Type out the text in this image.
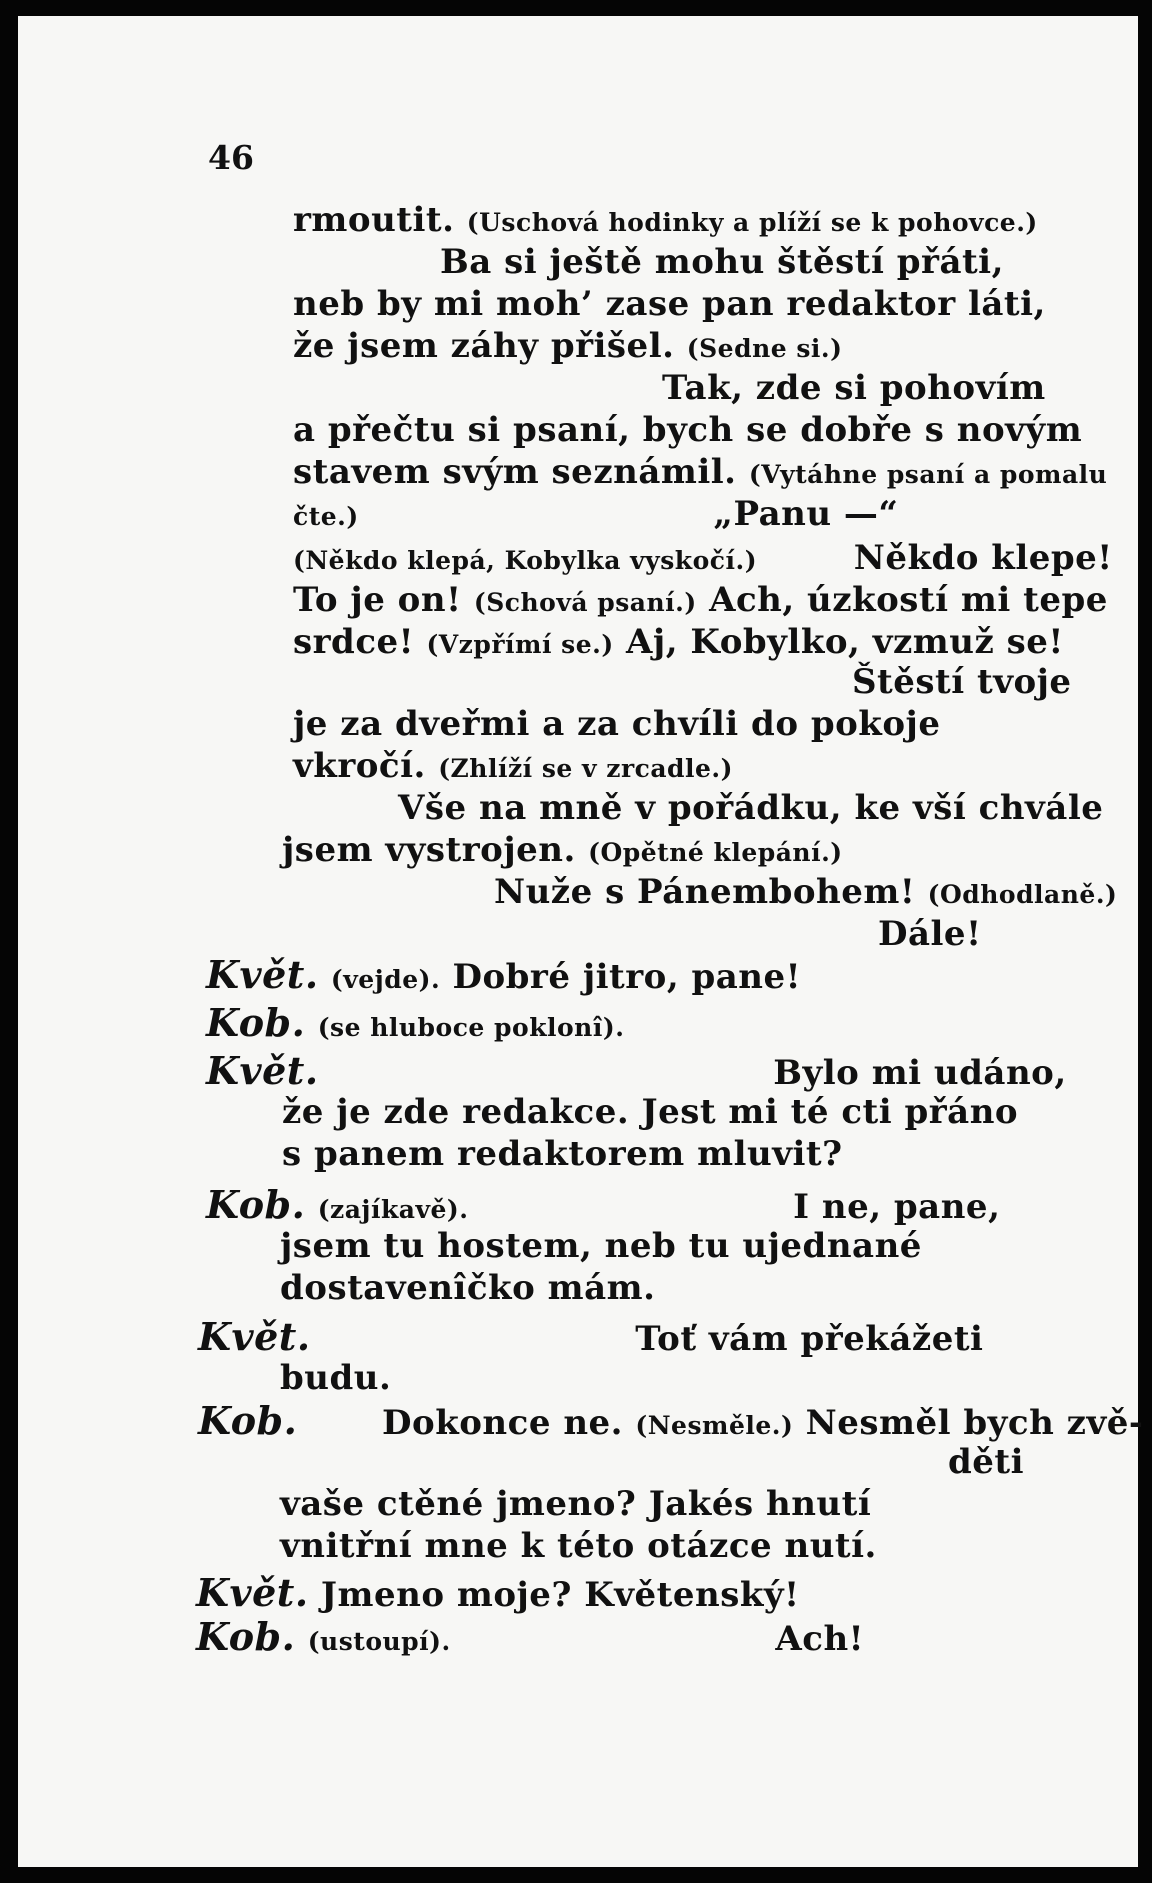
46
rmoutit. (Uschová hodinky a plíží se k pohovce.)
Ba si ještě mohu štěstí přáti,
neb by mi moh’ zase pan redaktor láti,
že jsem záhy přišel. (Sedne si.)
Tak, zde si pohovím
a přečtu si psaní, bych se dobře s novým
stavem svým seznámil. (Vytáhne psaní a pomalu
čte.)	„Panu —“
(Někdo klepá, Kobylka vyskočí.)	Někdo klepe!
To je on! (Schová psaní.) Ach, úzkostí mi tepe
srdce! (Vzpřímí se.) Aj, Kobylko, vzmuž se!
Štěstí tvoje
je za dveřmi a za chvíli do pokoje
vkročí. (Zhlíží se v zrcadle.)
Vše na mně v pořádku, ke vší chvále
jsem vystrojen. (Opětné klepání.)
Nuže s Pánembohem! (Odhodlaně.)
Dále!
Květ. (vejde). Dobré jitro, pane!
Kob. (se hluboce poklonî).
Květ.	Bylo mi udáno,
že je zde redakce. Jest mi té cti přáno
s panem redaktorem mluvit?
Kob. (zajíkavě).	I ne, pane,
jsem tu hostem, neb tu ujednané
dostavenîčko mám.
Květ.	Toť vám překážeti
budu.
Kob. Dokonce ne. (Nesměle.) Nesměl bych zvě-
děti
vaše ctěné jmeno? Jakés hnutí
vnitřní mne k této otázce nutí.
Květ. Jmeno moje? Květenský!
Kob. (ustoupí).	Ach!
